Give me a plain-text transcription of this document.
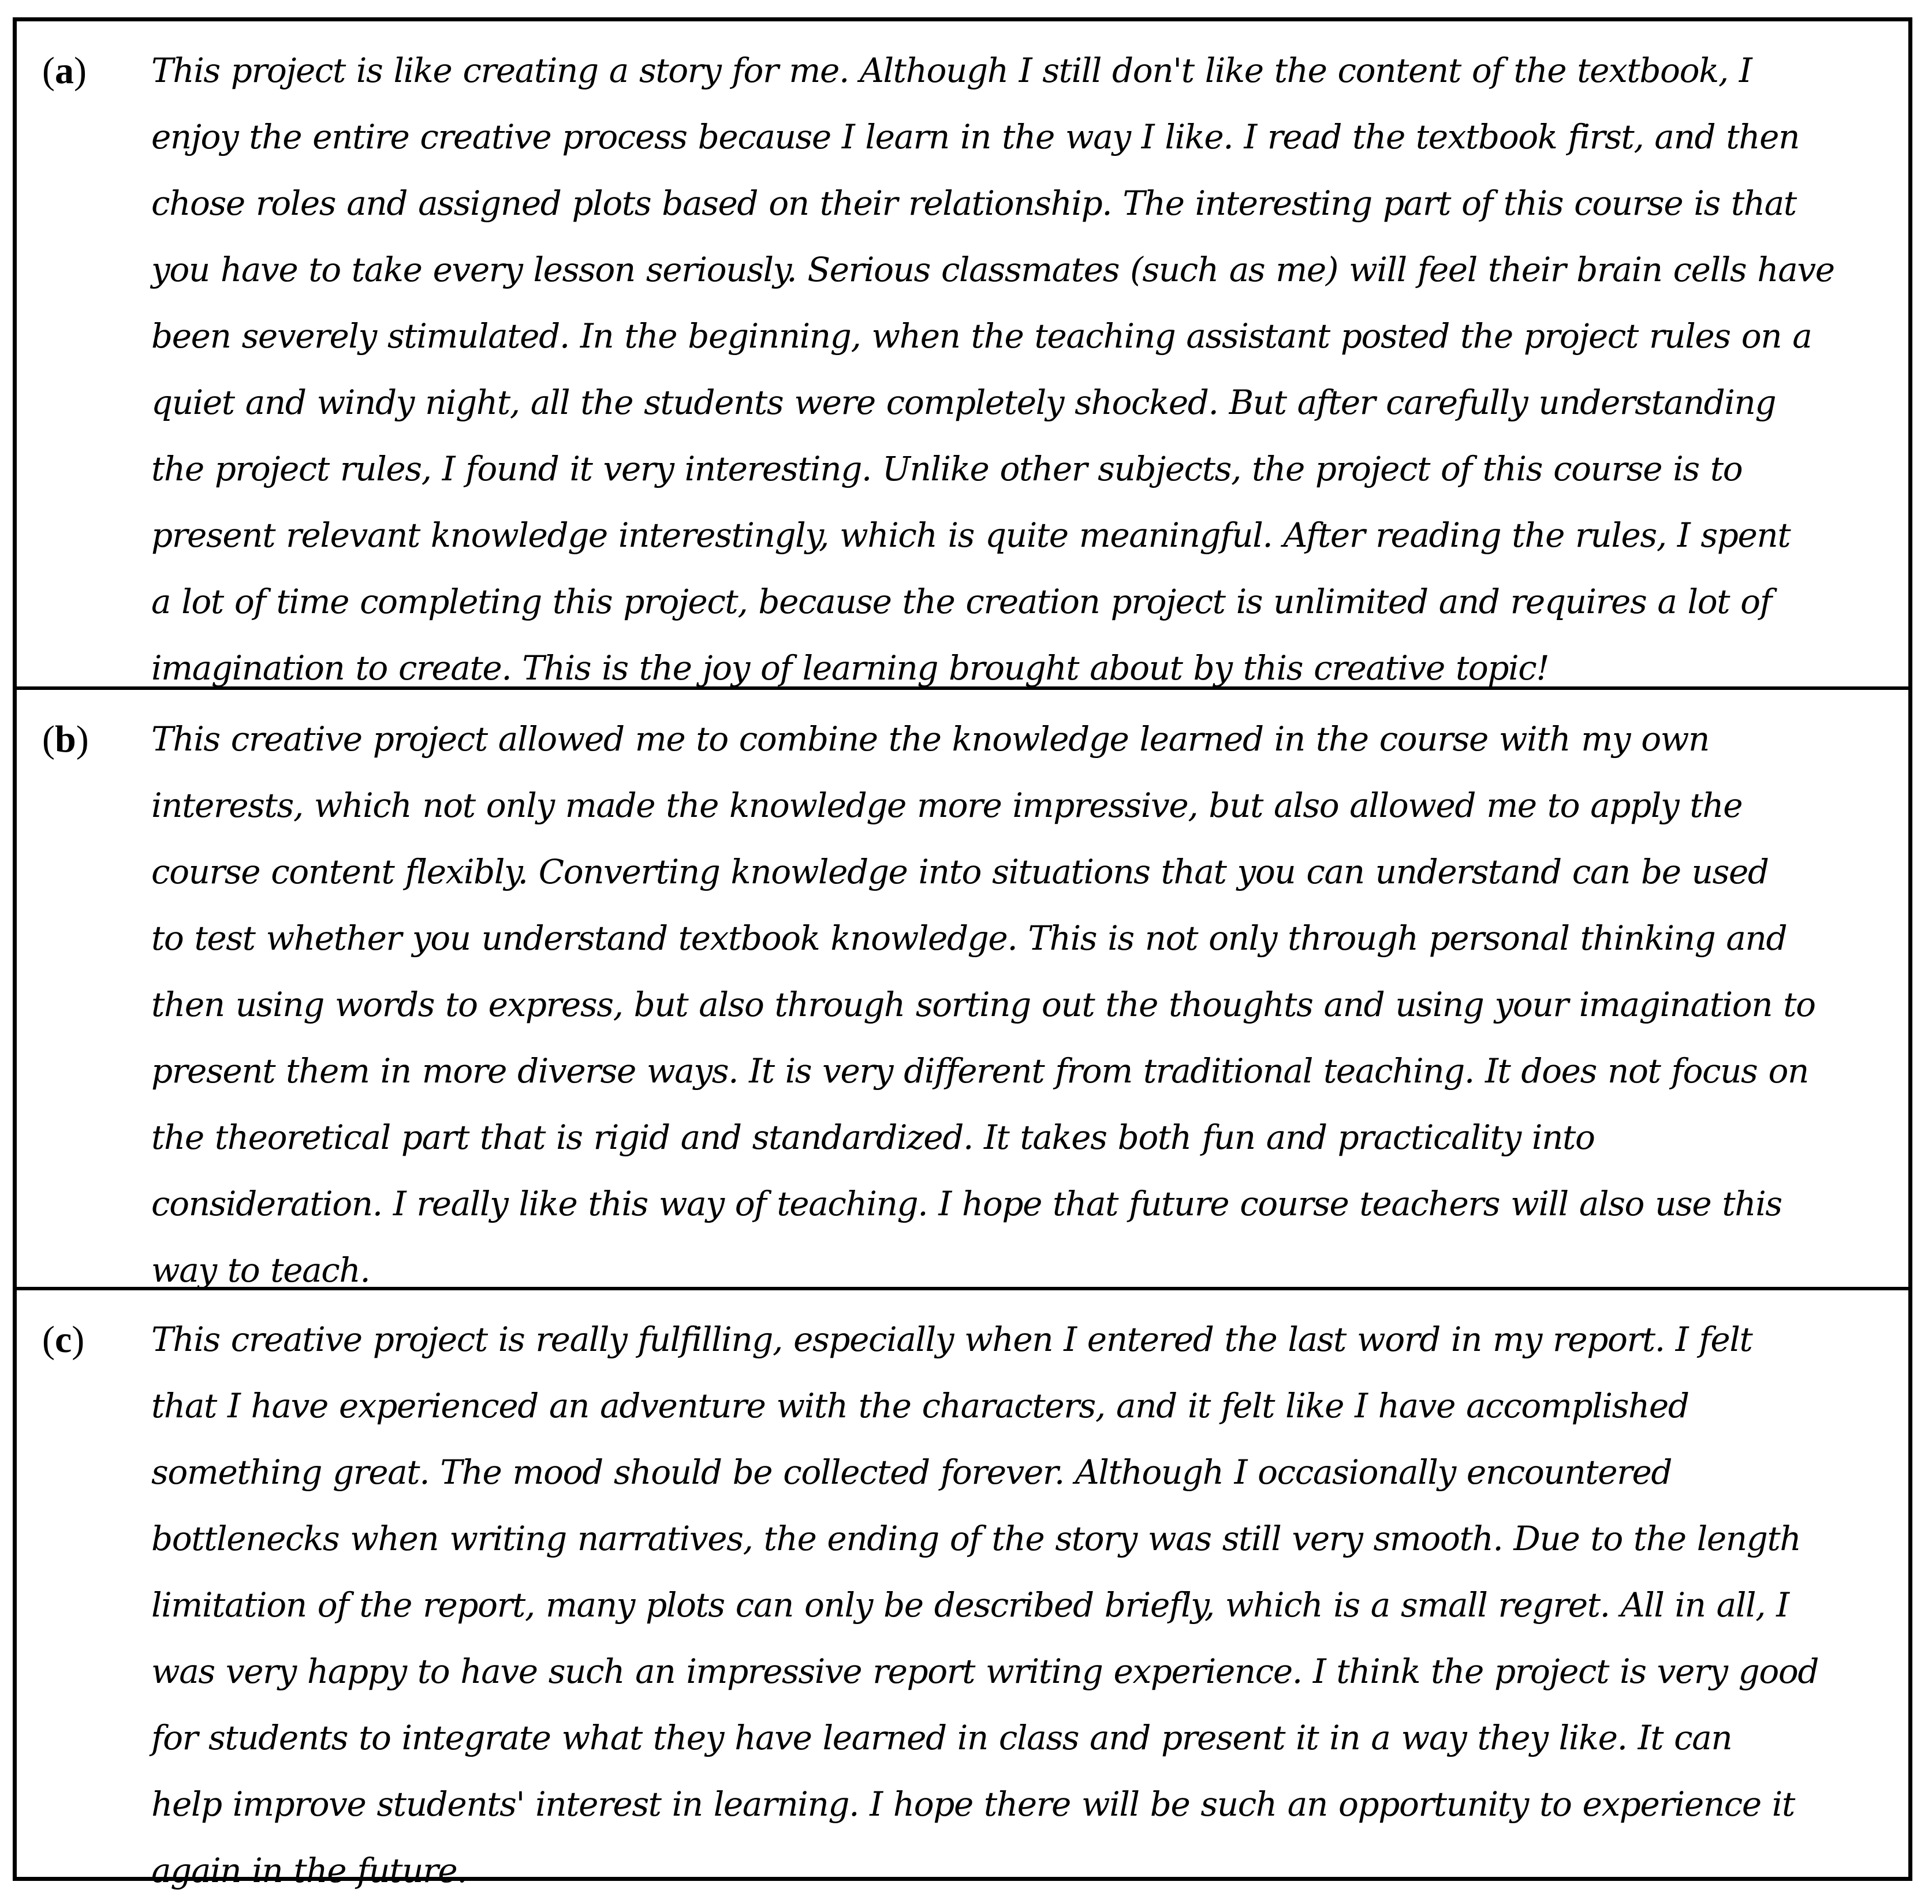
(a) This project is like creating a story for me. Although I still don't like the content of the textbook, I
enjoy the entire creative process because I learn in the way I like. I read the textbook first, and then
chose roles and assigned plots based on their relationship. The interesting part of this course is that
you have to take every lesson seriously. Serious classmates (such as me) will feel their brain cells have
been severely stimulated. In the beginning, when the teaching assistant posted the project rules on a
quiet and windy night, all the students were completely shocked. But after carefully understanding
the project rules, I found it very interesting. Unlike other subjects, the project of this course is to
present relevant knowledge interestingly, which is quite meaningful. After reading the rules, I spent
a lot of time completing this project, because the creation project is unlimited and requires a lot of
imagination to create. This is the joy of learning brought about by this creative topic!
(b) This creative project allowed me to combine the knowledge learned in the course with my own
interests, which not only made the knowledge more impressive, but also allowed me to apply the
course content flexibly. Converting knowledge into situations that you can understand can be used
to test whether you understand textbook knowledge. This is not only through personal thinking and
then using words to express, but also through sorting out the thoughts and using your imagination to
present them in more diverse ways. It is very different from traditional teaching. It does not focus on
the theoretical part that is rigid and standardized. It takes both fun and practicality into
consideration. I really like this way of teaching. I hope that future course teachers will also use this
way to teach.
(c) This creative project is really fulfilling, especially when I entered the last word in my report. I felt
that I have experienced an adventure with the characters, and it felt like I have accomplished
something great. The mood should be collected forever. Although I occasionally encountered
bottlenecks when writing narratives, the ending of the story was still very smooth. Due to the length
limitation of the report, many plots can only be described briefly, which is a small regret. All in all, I
was very happy to have such an impressive report writing experience. I think the project is very good
for students to integrate what they have learned in class and present it in a way they like. It can
help improve students' interest in learning. I hope there will be such an opportunity to experience it
again in the future.
